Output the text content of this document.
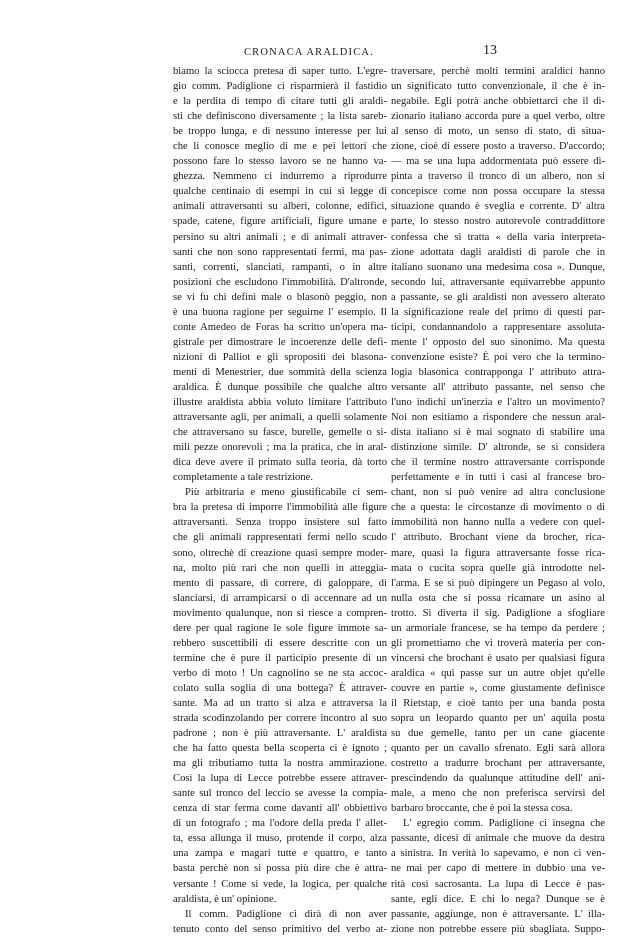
CRONACA ARALDICA.	13

biamo la sciocca pretesa di saper tutto. L'egre-

gio comm. Padiglione ci risparmierà il fastidio

e la perdita di tempo di citare tutti gli araldi-

sti che definiscono diversamente ; la lista sareb-

be troppo lunga, e di nessuno interesse per lui

che li conosce meglio di me e pei lettori che

possono fare lo stesso lavoro se ne hanno va-

ghezza. Nemmeno ci indurremo a riprodurre

qualche centinaio di esempi in cui si legge di

animali attraversanti su alberi, colonne, edifici,

spade, catene, figure artificiali, figure umane e

persino su altri animali ; e di animali attraver-

santi che non sono rappresentati fermi, ma pas-

santi, correnti, slanciati, rampanti, o in altre

posizioni che escludono l'immobilità. D'altronde,

se vi fu chi definì male o blasonò peggio, non

è una buona ragione per seguirne l' esempio. Il

conte Amedeo de Foras ha scritto un'opera ma-

gistrale per dimostrare le incoerenze delle defi-

nizioni di Palliot e gli spropositi dei blasona-

menti di Menestrier, due sommità della scienza

araldica. È dunque possibile che qualche altro

illustre araldista abbia voluto limitare l'attributo

attraversante agli, per animali, a quelli solamente

che attraversano su fasce, burelle, gemelle o si-

mili pezze onorevoli ; ma la pratica, che in aral-

dica deve avere il primato sulla teoria, dà torto

completamente a tale restrizione.

Più arbitraria e meno giustificabile ci sem-

bra la pretesa di imporre l'immobilità alle figure

attraversanti. Senza troppo insistere sul fatto

che gli animali rappresentati fermi nello scudo

sono, oltrechè di creazione quasi sempre moder-

na, molto più rari che non quelli in atteggia-

mento di passare, di correre, di galoppare, di

slanciarsi, di arrampicarsi o di accennare ad un

movimento qualunque, non si riesce a compren-

dere per qual ragione le sole figure immote sa-

rebbero suscettibili di essere descritte con un

termine che è pure il participio presente di un

verbo di moto ! Un cagnolino se ne sta accoc-

colato sulla soglia di una bottega? È attraver-

sante. Ma ad un tratto si alza e attraversa la

strada scodinzolando per correre incontro al suo

padrone ; non è più attraversante. L' araldista

che ha fatto questa bella scoperta ci è ignoto ;

ma gli tributiamo tutta la nostra ammirazione.

Così la lupa di Lecce potrebbe essere attraver-

sante sul tronco del leccio se avesse la compia-

cenza di star ferma come davanti all' obbiettivo

di un fotografo ; ma l'odore della preda l' allet-

ta, essa allunga il muso, protende il corpo, alza

una zampa e magari tutte e quattro, e tanto

basta perchè non si possa più dire che è attra-

versante ! Come si vede, la logica, per qualche

araldista, è un' opinione.

Il comm. Padiglione ci dirà di non aver

tenuto conto del senso primitivo del verbo at-

traversare, perchè molti termini araldici hanno

un significato tutto convenzionale, il che è in-

negabile. Egli potrà anche obbiettarci che il di-

zionario italiano accorda pure a quel verbo, oltre

al senso di moto, un senso di stato, di situa-

zione, cioè di essere posto a traverso. D'accordo;

— ma se una lupa addormentata può essere di-

pinta a traverso il tronco di un albero, non si

concepisce come non possa occupare la stessa

situazione quando è sveglia e corrente. D' altra

parte, lo stesso nostro autorevole contraddittore

confessa che si tratta « della varia interpreta-

zione adottata dagli araldisti di parole che in

italiano suonano una medesima cosa ». Dunque,

secondo lui, attraversante equivarrebbe appunto

a passante, se gli araldisti non avessero alterato

la significazione reale del primo di questi par-

ticipi, condannandolo a rappresentare assoluta-

mente l' opposto del suo sinonimo. Ma questa

convenzione esiste? È poi vero che la termino-

logia blasonica contrapponga l' attributo attra-

versante all' attributo passante, nel senso che

l'uno indichi un'inerzia e l'altro un movimento?

Noi non esitiamo a rispondere che nessun aral-

dista italiano si è mai sognato di stabilire una

distinzione simile. D' altronde, se si considera

che il termine nostro attraversante corrisponde

perfettamente e in tutti i casi al francese bro-

chant, non si può venire ad altra conclusione

che a questa: le circostanze di movimento o di

immobilità non hanno nulla a vedere con quel-

l' attributo. Brochant viene da brocher, rica-

mare, quasi la figura attraversante fosse rica-

mata o cucita sopra quelle già introdotte nel-

l'arma. E se si può dipingere un Pegaso al volo,

nulla osta che si possa ricamare un asino al

trotto. Si diverta il sig. Padiglione a sfogliare

un armoriale francese, se ha tempo da perdere ;

gli promettiamo che vi troverà materia per con-

vincersi che brochant è usato per qualsiasi figura

araldica « qui passe sur un autre objet qu'elle

couvre en partie », come giustamente definisce

il Rietstap, e cioè tanto per una banda posta

sopra un leopardo quanto per un' aquila posta

su due gemelle, tanto per un cane giacente

quanto per un cavallo sfrenato. Egli sarà allora

costretto a tradurre brochant per attraversante,

prescindendo da qualunque attitudine dell' ani-

male, a meno che non preferisca servirsi del

barbaro broccante, che è poi la stessa cosa.

L' egregio comm. Padiglione ci insegna che

passante, dicesi di animale che muove da destra

a sinistra. In verità lo sapevamo, e non ci ven-

ne mai per capo di mettere in dubbio una ve-

rità così sacrosanta. La lupa di Lecce è pas-

sante, egli dice. E chi lo nega? Dunque se è

passante, aggiunge, non è attraversante. L' illa-

zione non potrebbe essere più sbagliata. Suppo-
